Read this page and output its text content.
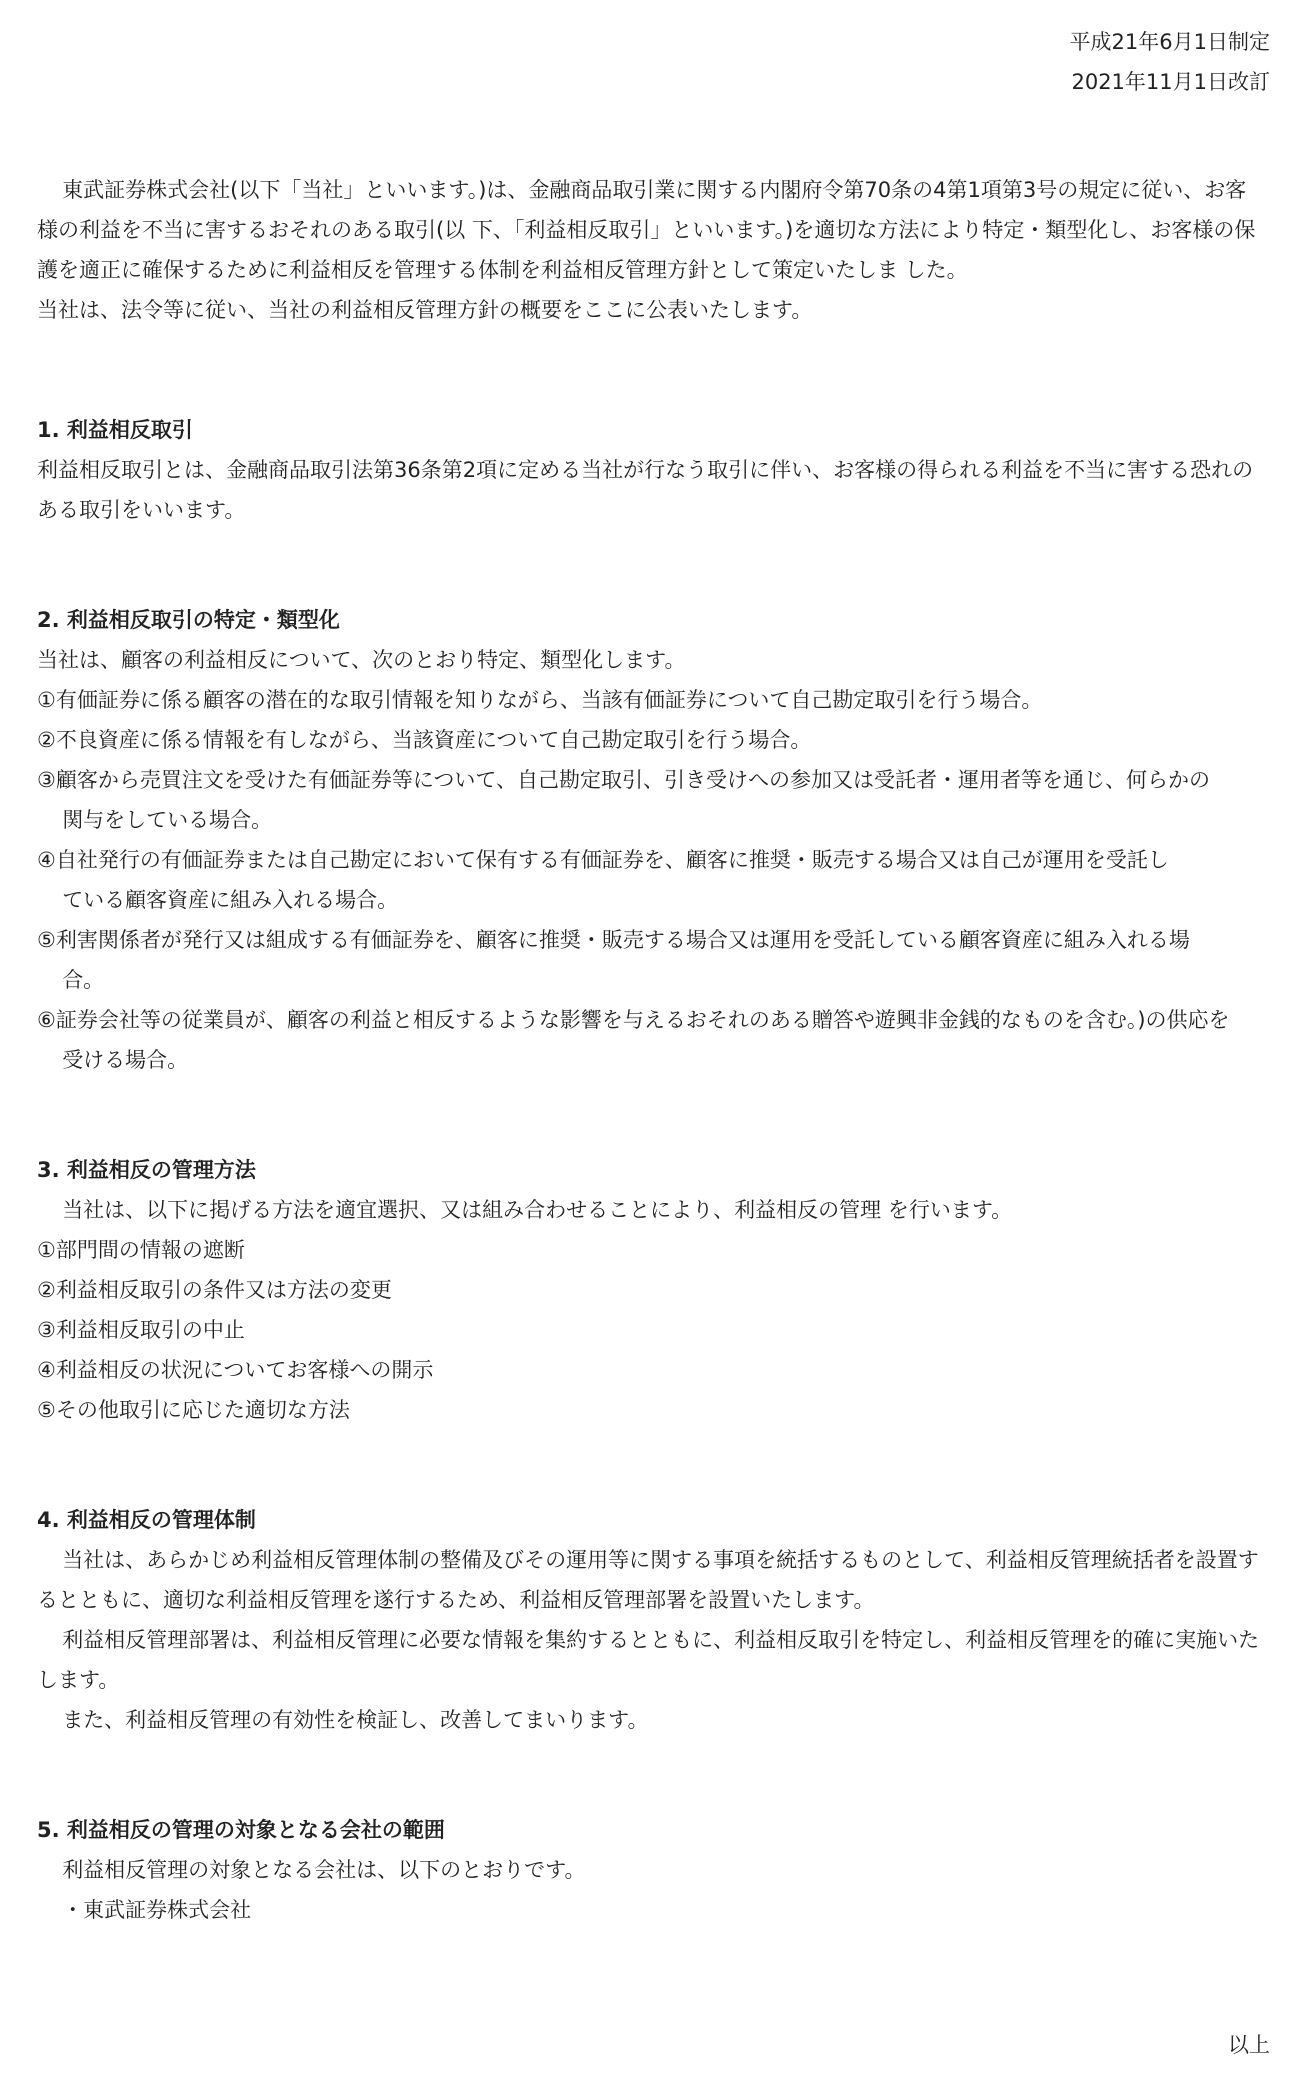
平成21年6月1日制定
2021年11月1日改訂

東武証券株式会社(以下「当社」といいます。)は、金融商品取引業に関する内閣府令第70条の4第1項第3号の規定に従い、お客様の利益を不当に害するおそれのある取引(以 下、「利益相反取引」といいます。)を適切な方法により特定・類型化し、お客様の保護を適正に確保するために利益相反を管理する体制を利益相反管理方針として策定いたしま した。

当社は、法令等に従い、当社の利益相反管理方針の概要をここに公表いたします。

1. 利益相反取引

利益相反取引とは、金融商品取引法第36条第2項に定める当社が行なう取引に伴い、お客様の得られる利益を不当に害する恐れのある取引をいいます。

2. 利益相反取引の特定・類型化

当社は、顧客の利益相反について、次のとおり特定、類型化します。

①有価証券に係る顧客の潜在的な取引情報を知りながら、当該有価証券について自己勘定取引を行う場合。

②不良資産に係る情報を有しながら、当該資産について自己勘定取引を行う場合。

③顧客から売買注文を受けた有価証券等について、自己勘定取引、引き受けへの参加又は受託者・運用者等を通じ、何らかの関与をしている場合。

④自社発行の有価証券または自己勘定において保有する有価証券を、顧客に推奨・販売する場合又は自己が運用を受託している顧客資産に組み入れる場合。

⑤利害関係者が発行又は組成する有価証券を、顧客に推奨・販売する場合又は運用を受託している顧客資産に組み入れる場合。

⑥証券会社等の従業員が、顧客の利益と相反するような影響を与えるおそれのある贈答や遊興非金銭的なものを含む。)の供応を受ける場合。

3. 利益相反の管理方法

当社は、以下に掲げる方法を適宜選択、又は組み合わせることにより、利益相反の管理 を行います。

①部門間の情報の遮断

②利益相反取引の条件又は方法の変更

③利益相反取引の中止

④利益相反の状況についてお客様への開示

⑤その他取引に応じた適切な方法

4. 利益相反の管理体制

当社は、あらかじめ利益相反管理体制の整備及びその運用等に関する事項を統括するものとして、利益相反管理統括者を設置するとともに、適切な利益相反管理を遂行するため、利益相反管理部署を設置いたします。

利益相反管理部署は、利益相反管理に必要な情報を集約するとともに、利益相反取引を特定し、利益相反管理を的確に実施いたします。

また、利益相反管理の有効性を検証し、改善してまいります。

5. 利益相反の管理の対象となる会社の範囲

利益相反管理の対象となる会社は、以下のとおりです。

・東武証券株式会社

以上
